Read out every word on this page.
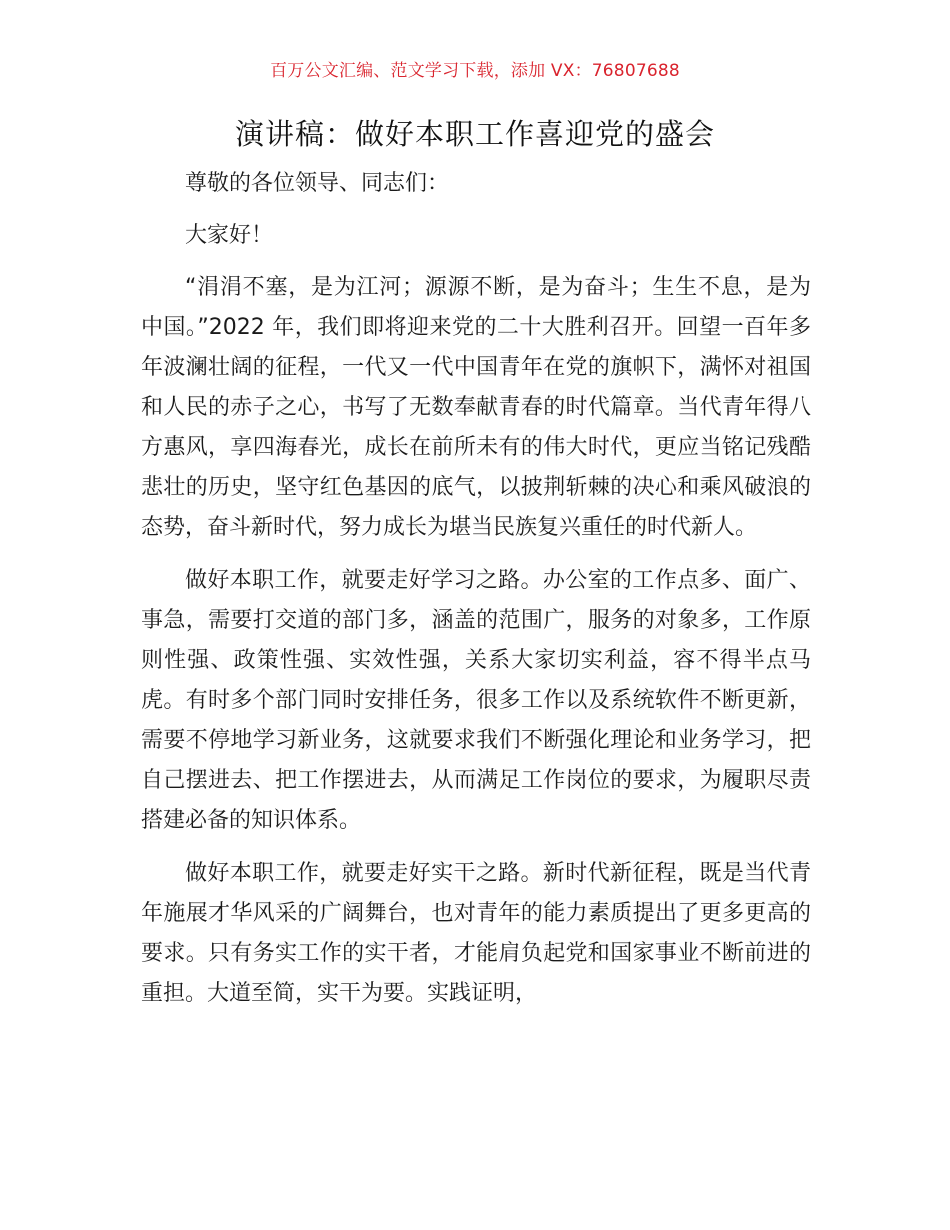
百万公文汇编、范文学习下载，添加 VX：76807688
演讲稿：做好本职工作喜迎党的盛会

尊敬的各位领导、同志们：

大家好！

“涓涓不塞，是为江河；源源不断，是为奋斗；生生不息，是为中国。”2022 年，我们即将迎来党的二十大胜利召开。回望一百年多年波澜壮阔的征程，一代又一代中国青年在党的旗帜下，满怀对祖国和人民的赤子之心，书写了无数奉献青春的时代篇章。当代青年得八方惠风，享四海春光，成长在前所未有的伟大时代，更应当铭记残酷悲壮的历史，坚守红色基因的底气，以披荆斩棘的决心和乘风破浪的态势，奋斗新时代，努力成长为堪当民族复兴重任的时代新人。

做好本职工作，就要走好学习之路。办公室的工作点多、面广、事急，需要打交道的部门多，涵盖的范围广，服务的对象多，工作原则性强、政策性强、实效性强，关系大家切实利益，容不得半点马虎。有时多个部门同时安排任务，很多工作以及系统软件不断更新，需要不停地学习新业务，这就要求我们不断强化理论和业务学习，把自己摆进去、把工作摆进去，从而满足工作岗位的要求，为履职尽责搭建必备的知识体系。

做好本职工作，就要走好实干之路。新时代新征程，既是当代青年施展才华风采的广阔舞台，也对青年的能力素质提出了更多更高的要求。只有务实工作的实干者，才能肩负起党和国家事业不断前进的重担。大道至简，实干为要。实践证明，
